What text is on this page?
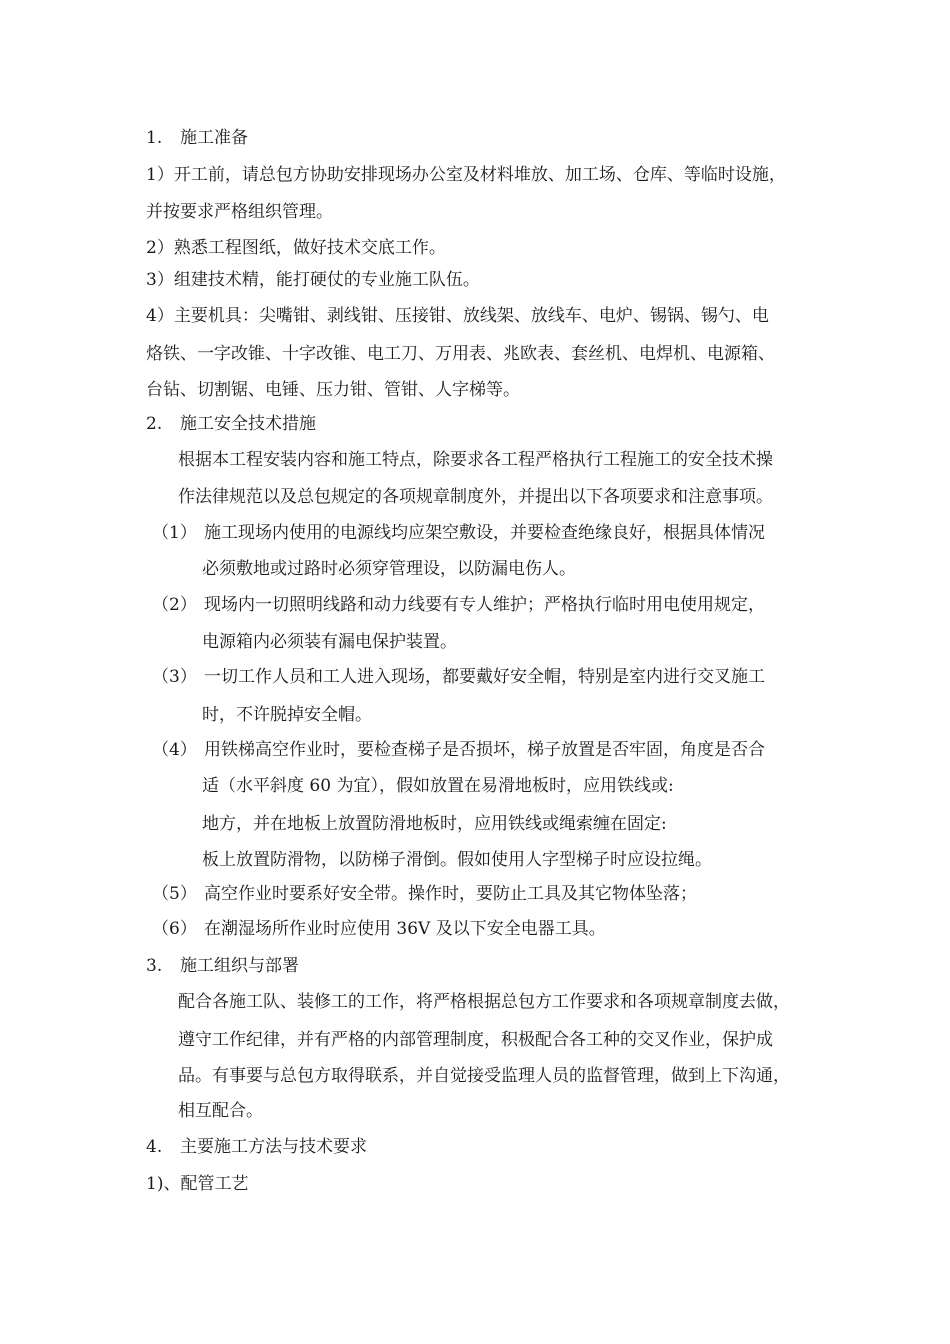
1. 施工准备
1）开工前，请总包方协助安排现场办公室及材料堆放、加工场、仓库、等临时设施，
并按要求严格组织管理。
2）熟悉工程图纸，做好技术交底工作。
3）组建技术精，能打硬仗的专业施工队伍。
4）主要机具：尖嘴钳、剥线钳、压接钳、放线架、放线车、电炉、锡锅、锡勺、电
烙铁、一字改锥、十字改锥、电工刀、万用表、兆欧表、套丝机、电焊机、电源箱、
台钻、切割锯、电锤、压力钳、管钳、人字梯等。
2. 施工安全技术措施
根据本工程安装内容和施工特点，除要求各工程严格执行工程施工的安全技术操
作法律规范以及总包规定的各项规章制度外，并提出以下各项要求和注意事项。
（1） 施工现场内使用的电源线均应架空敷设，并要检查绝缘良好，根据具体情况
必须敷地或过路时必须穿管理设，以防漏电伤人。
（2） 现场内一切照明线路和动力线要有专人维护；严格执行临时用电使用规定，
电源箱内必须装有漏电保护装置。
（3） 一切工作人员和工人进入现场，都要戴好安全帽，特别是室内进行交叉施工
时，不许脱掉安全帽。
（4） 用铁梯高空作业时，要检查梯子是否损坏，梯子放置是否牢固，角度是否合
适（水平斜度 60 为宜），假如放置在易滑地板时，应用铁线或:
地方，并在地板上放置防滑地板时，应用铁线或绳索缠在固定:
板上放置防滑物，以防梯子滑倒。假如使用人字型梯子时应设拉绳。
（5） 高空作业时要系好安全带。操作时，要防止工具及其它物体坠落；
（6） 在潮湿场所作业时应使用 36V 及以下安全电器工具。
3. 施工组织与部署
配合各施工队、装修工的工作，将严格根据总包方工作要求和各项规章制度去做，
遵守工作纪律，并有严格的内部管理制度，积极配合各工种的交叉作业，保护成
品。有事要与总包方取得联系，并自觉接受监理人员的监督管理，做到上下沟通，
相互配合。
4. 主要施工方法与技术要求
1)、配管工艺
